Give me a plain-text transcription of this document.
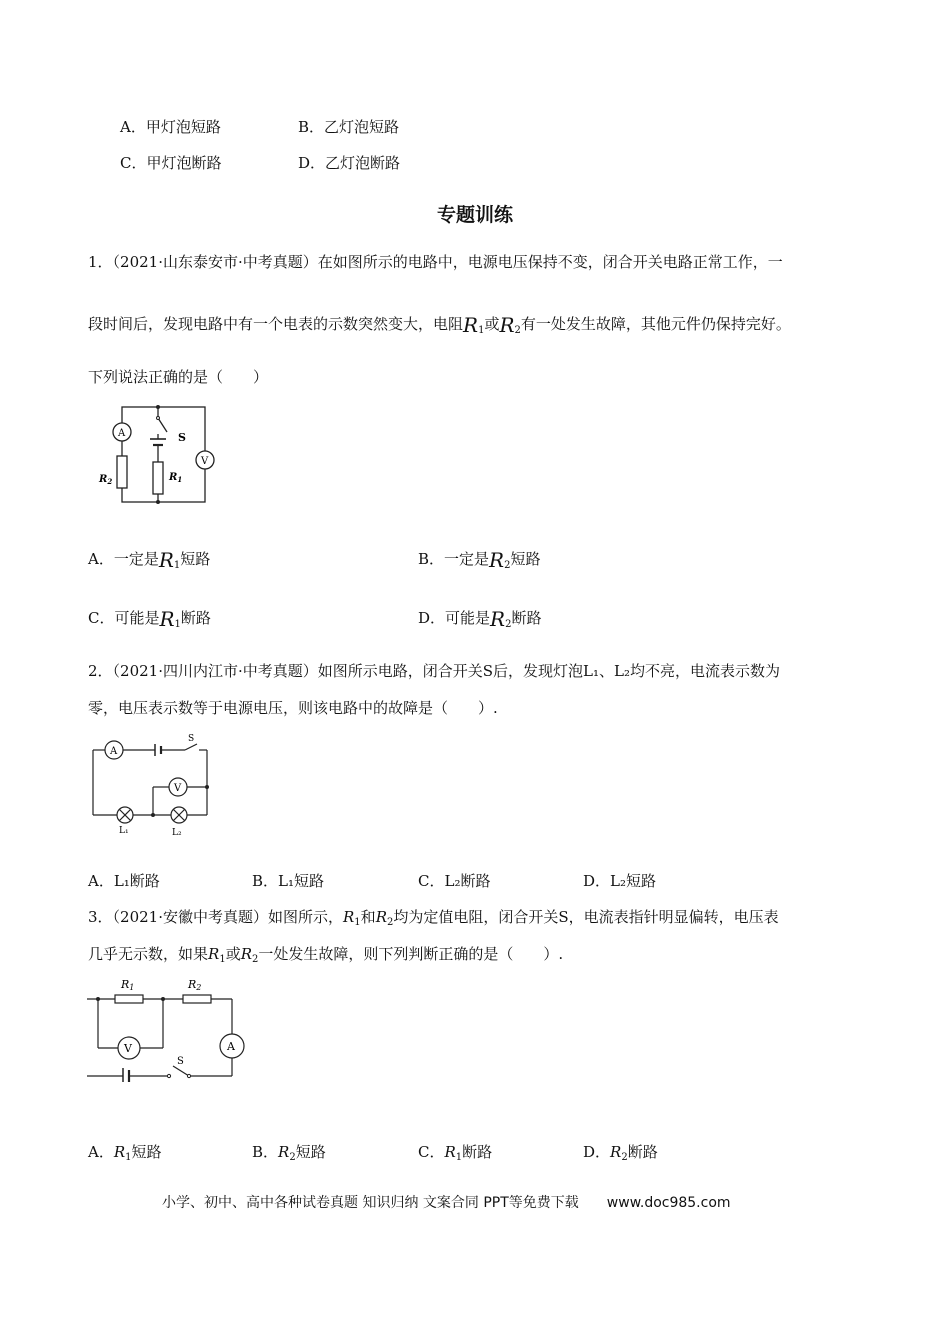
A．甲灯泡短路	B．乙灯泡短路
C．甲灯泡断路	D．乙灯泡断路
专题训练
1．（2021·山东泰安市·中考真题）在如图所示的电路中，电源电压保持不变，闭合开关电路正常工作，一
段时间后，发现电路中有一个电表的示数突然变大，电阻$R_1$或$R_2$有一处发生故障，其他元件仍保持完好。
下列说法正确的是（　　）
A
V
S
$R_2$	$R_1$
A．一定是$R_1$短路	B．一定是$R_2$短路
C．可能是$R_1$断路	D．可能是$R_2$断路
2．（2021·四川内江市·中考真题）如图所示电路，闭合开关S后，发现灯泡L₁、L₂均不亮，电流表示数为
零，电压表示数等于电源电压，则该电路中的故障是（　　）.
A
V
S
L₁	L₂
A．L₁断路	B．L₁短路	C．L₂断路	D．L₂短路
3．（2021·安徽中考真题）如图所示，$R_1$和$R_2$均为定值电阻，闭合开关S，电流表指针明显偏转，电压表
几乎无示数，如果$R_1$或$R_2$一处发生故障，则下列判断正确的是（　　）.
R1	R2
V	A
S
A．$R_1$短路	B．$R_2$短路	C．$R_1$断路	D．$R_2$断路
小学、初中、高中各种试卷真题 知识归纳 文案合同 PPT等免费下载 www.doc985.com
